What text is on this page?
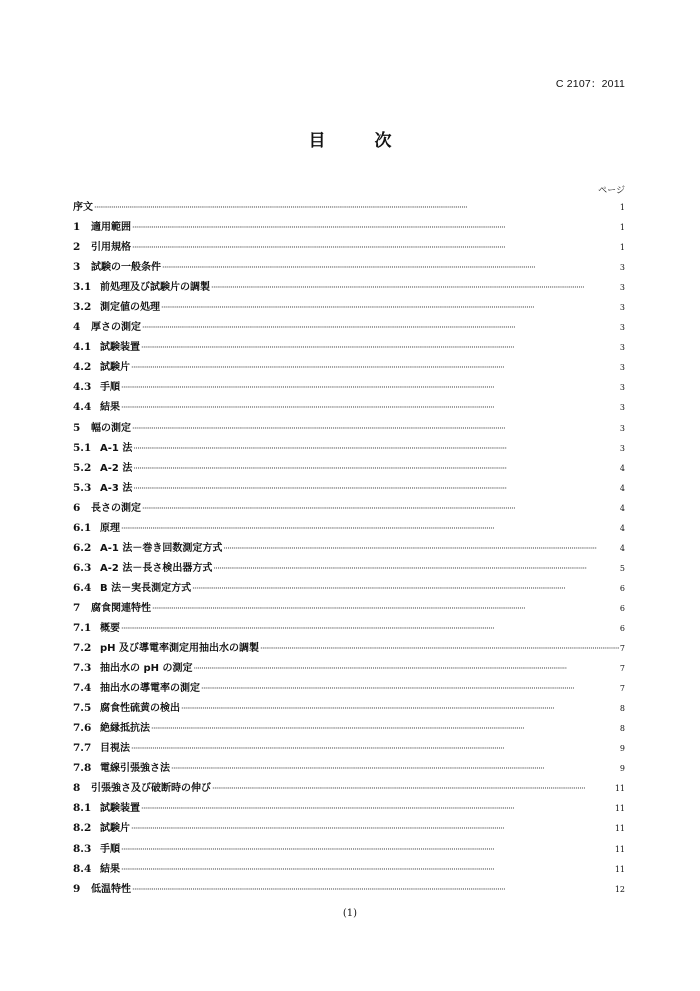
C 2107：2011
目　次
ページ
序文 ·····	1
1	適用範囲 ·····	1
2	引用規格 ·····	1
3	試験の一般条件 ·····	3
3.1 前処理及び試験片の調製 ·····	3
3.2 測定値の処理 ·····	3
4	厚さの測定 ·····	3
4.1 試験装置 ·····	3
4.2 試験片 ·····	3
4.3 手順 ·····	3
4.4 結果 ·····	3
5	幅の測定 ·····	3
5.1 A-1 法 ·····	3
5.2 A-2 法 ·····	4
5.3 A-3 法 ·····	4
6	長さの測定 ·····	4
6.1 原理 ·····	4
6.2 A-1 法－巻き回数測定方式 ·····	4
6.3 A-2 法－長さ検出器方式 ·····	5
6.4 B 法－実長測定方式 ·····	6
7	腐食関連特性 ·····	6
7.1 概要 ·····	6
7.2 pH 及び導電率測定用抽出水の調製 ·····	7
7.3 抽出水の pH の測定 ·····	7
7.4 抽出水の導電率の測定 ·····	7
7.5 腐食性硫黄の検出 ·····	8
7.6 絶縁抵抗法 ·····	8
7.7 目視法 ·····	9
7.8 電線引張強さ法 ·····	9
8	引張強さ及び破断時の伸び ·····	11
8.1 試験装置 ·····	11
8.2 試験片 ·····	11
8.3 手順 ·····	11
8.4 結果 ·····	11
9	低温特性 ·····	12
(1)
